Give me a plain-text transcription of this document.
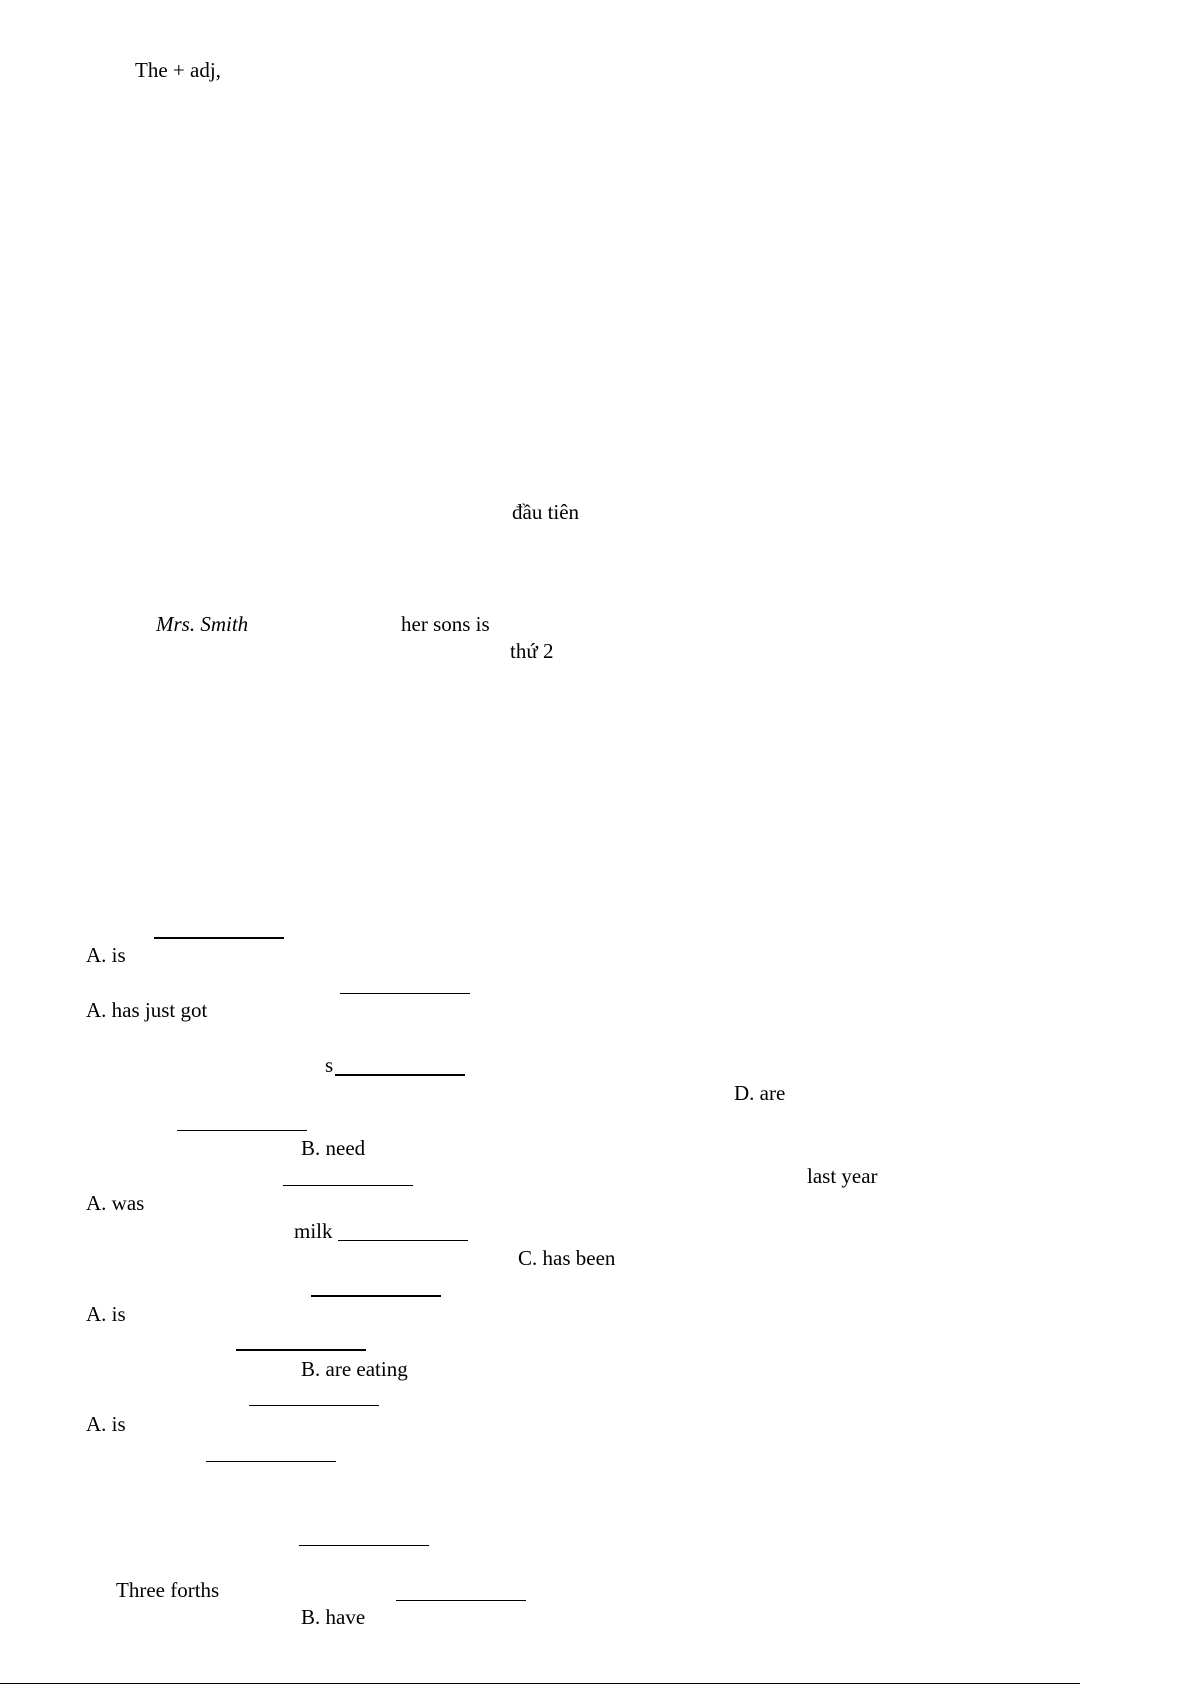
The + adj,
đầu tiên
Mrs. Smith	her sons is
thứ 2
A. is
A. has just got
s
D. are
B. need
last year
A. was
milk
C. has been
A. is
B. are eating
A. is
Three forths
B. have
